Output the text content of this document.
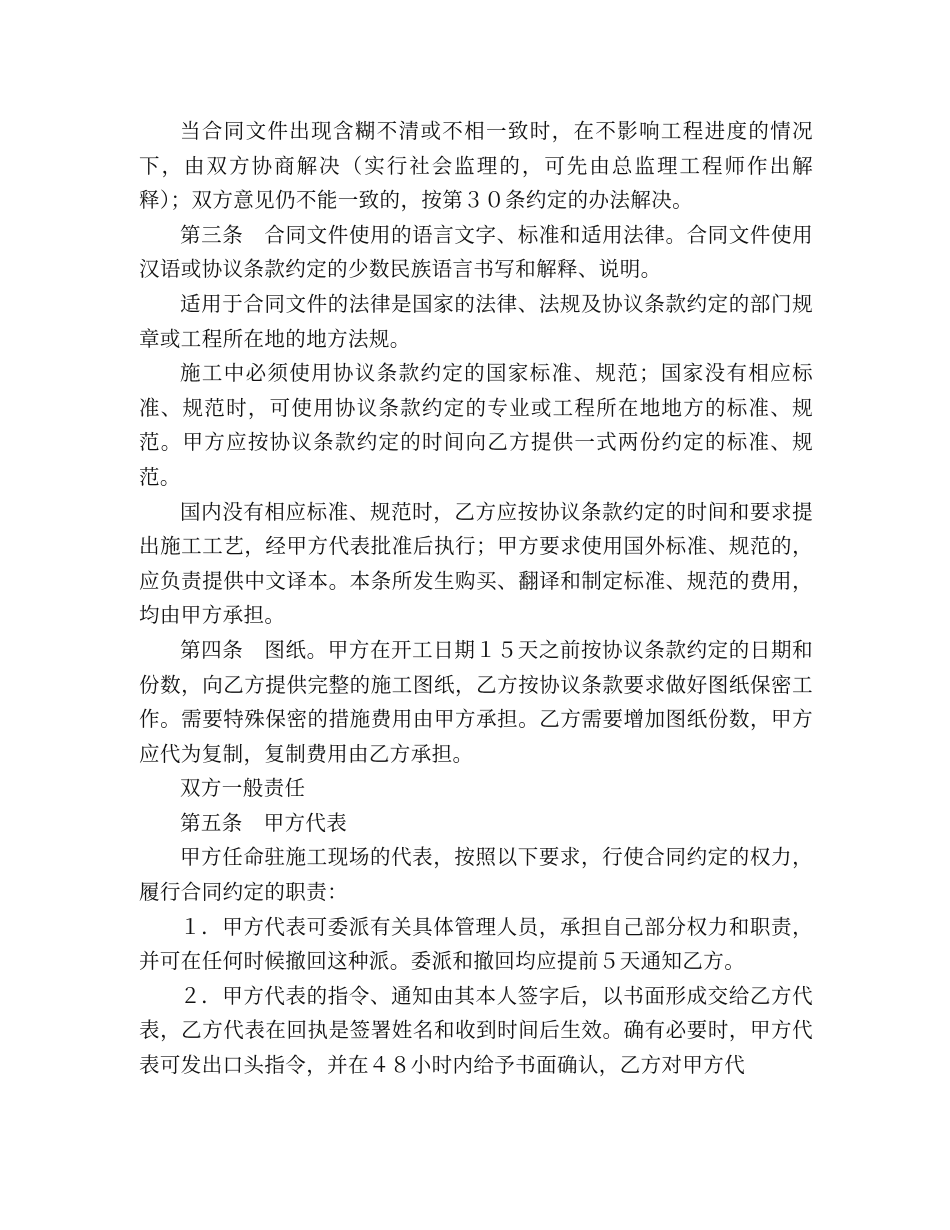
当合同文件出现含糊不清或不相一致时，在不影响工程进度的情况下，由双方协商解决（实行社会监理的，可先由总监理工程师作出解释）；双方意见仍不能一致的，按第３０条约定的办法解决。

第三条　合同文件使用的语言文字、标准和适用法律。合同文件使用汉语或协议条款约定的少数民族语言书写和解释、说明。

适用于合同文件的法律是国家的法律、法规及协议条款约定的部门规章或工程所在地的地方法规。

施工中必须使用协议条款约定的国家标准、规范；国家没有相应标准、规范时，可使用协议条款约定的专业或工程所在地地方的标准、规范。甲方应按协议条款约定的时间向乙方提供一式两份约定的标准、规范。

国内没有相应标准、规范时，乙方应按协议条款约定的时间和要求提出施工工艺，经甲方代表批准后执行；甲方要求使用国外标准、规范的，应负责提供中文译本。本条所发生购买、翻译和制定标准、规范的费用，均由甲方承担。

第四条　图纸。甲方在开工日期１５天之前按协议条款约定的日期和份数，向乙方提供完整的施工图纸，乙方按协议条款要求做好图纸保密工作。需要特殊保密的措施费用由甲方承担。乙方需要增加图纸份数，甲方应代为复制，复制费用由乙方承担。

双方一般责任

第五条　甲方代表

甲方任命驻施工现场的代表，按照以下要求，行使合同约定的权力，履行合同约定的职责：

１．甲方代表可委派有关具体管理人员，承担自己部分权力和职责，并可在任何时候撤回这种派。委派和撤回均应提前５天通知乙方。

２．甲方代表的指令、通知由其本人签字后，以书面形成交给乙方代表，乙方代表在回执是签署姓名和收到时间后生效。确有必要时，甲方代表可发出口头指令，并在４８小时内给予书面确认，乙方对甲方代
